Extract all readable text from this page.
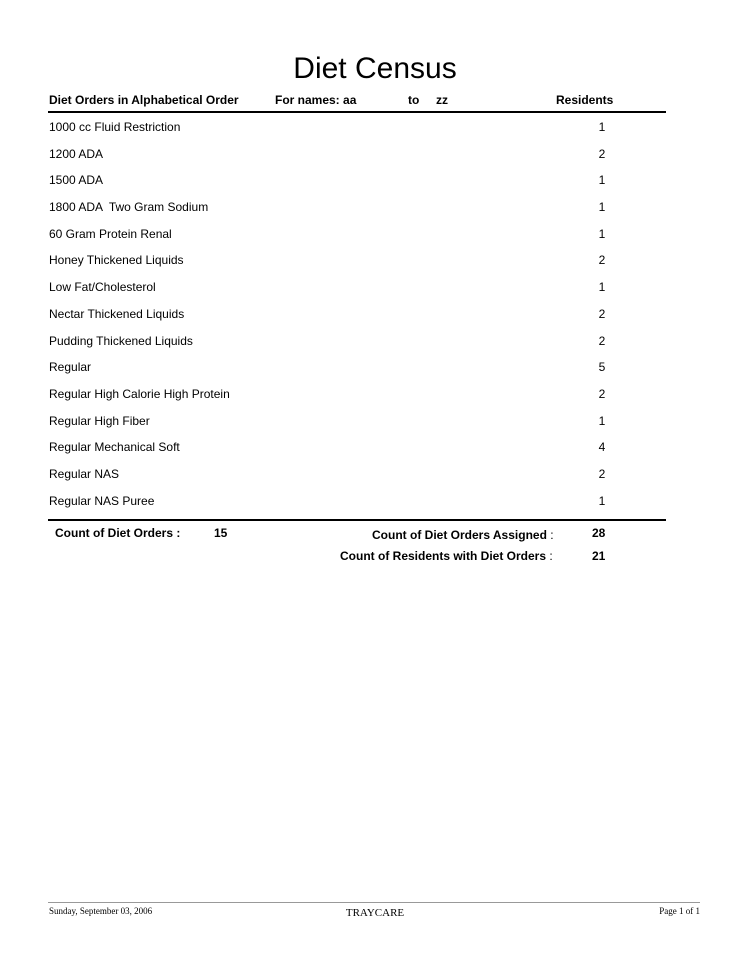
Diet Census
Diet Orders in Alphabetical Order	For names: aa	to zz	Residents
1000 cc Fluid Restriction	1
1200 ADA	2
1500 ADA	1
1800 ADA  Two Gram Sodium	1
60 Gram Protein Renal	1
Honey Thickened Liquids	2
Low Fat/Cholesterol	1
Nectar Thickened Liquids	2
Pudding Thickened Liquids	2
Regular	5
Regular High Calorie High Protein	2
Regular High Fiber	1
Regular Mechanical Soft	4
Regular NAS	2
Regular NAS Puree	1
Count of Diet Orders :	15	Count of Diet Orders Assigned :	28
Count of Residents with Diet Orders :	21
Sunday, September 03, 2006	TRAYCARE	Page 1 of 1
